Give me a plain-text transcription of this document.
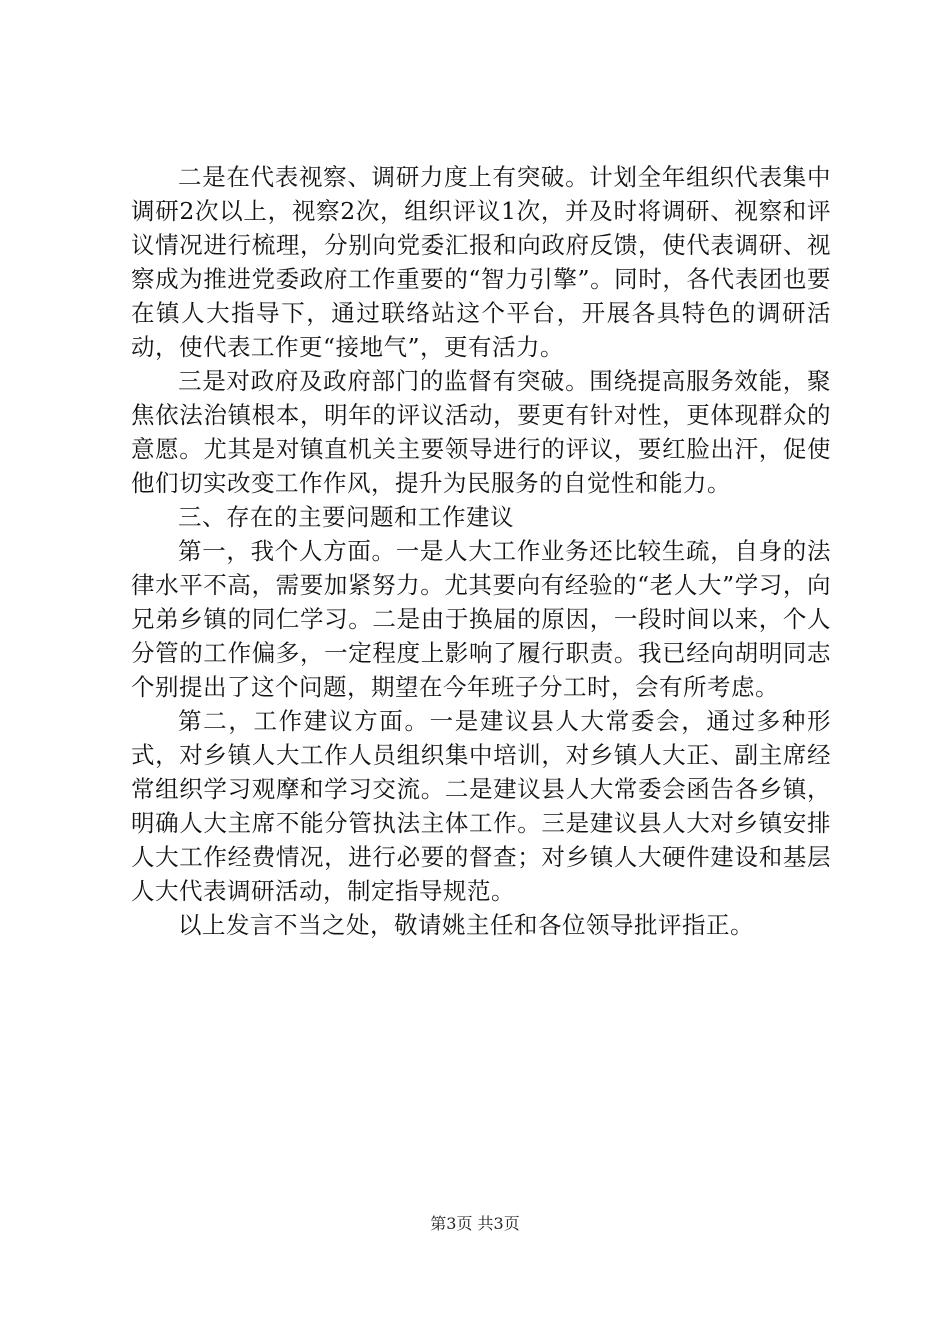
二是在代表视察、调研力度上有突破。计划全年组织代表集中调研2次以上，视察2次，组织评议1次，并及时将调研、视察和评议情况进行梳理，分别向党委汇报和向政府反馈，使代表调研、视察成为推进党委政府工作重要的“智力引擎”。同时，各代表团也要在镇人大指导下，通过联络站这个平台，开展各具特色的调研活动，使代表工作更“接地气”，更有活力。

三是对政府及政府部门的监督有突破。围绕提高服务效能，聚焦依法治镇根本，明年的评议活动，要更有针对性，更体现群众的意愿。尤其是对镇直机关主要领导进行的评议，要红脸出汗，促使他们切实改变工作作风，提升为民服务的自觉性和能力。

三、存在的主要问题和工作建议

第一，我个人方面。一是人大工作业务还比较生疏，自身的法律水平不高，需要加紧努力。尤其要向有经验的“老人大”学习，向兄弟乡镇的同仁学习。二是由于换届的原因，一段时间以来，个人分管的工作偏多，一定程度上影响了履行职责。我已经向胡明同志个别提出了这个问题，期望在今年班子分工时，会有所考虑。

第二，工作建议方面。一是建议县人大常委会，通过多种形式，对乡镇人大工作人员组织集中培训，对乡镇人大正、副主席经常组织学习观摩和学习交流。二是建议县人大常委会函告各乡镇，明确人大主席不能分管执法主体工作。三是建议县人大对乡镇安排人大工作经费情况，进行必要的督查；对乡镇人大硬件建设和基层人大代表调研活动，制定指导规范。

以上发言不当之处，敬请姚主任和各位领导批评指正。

第3页 共3页
